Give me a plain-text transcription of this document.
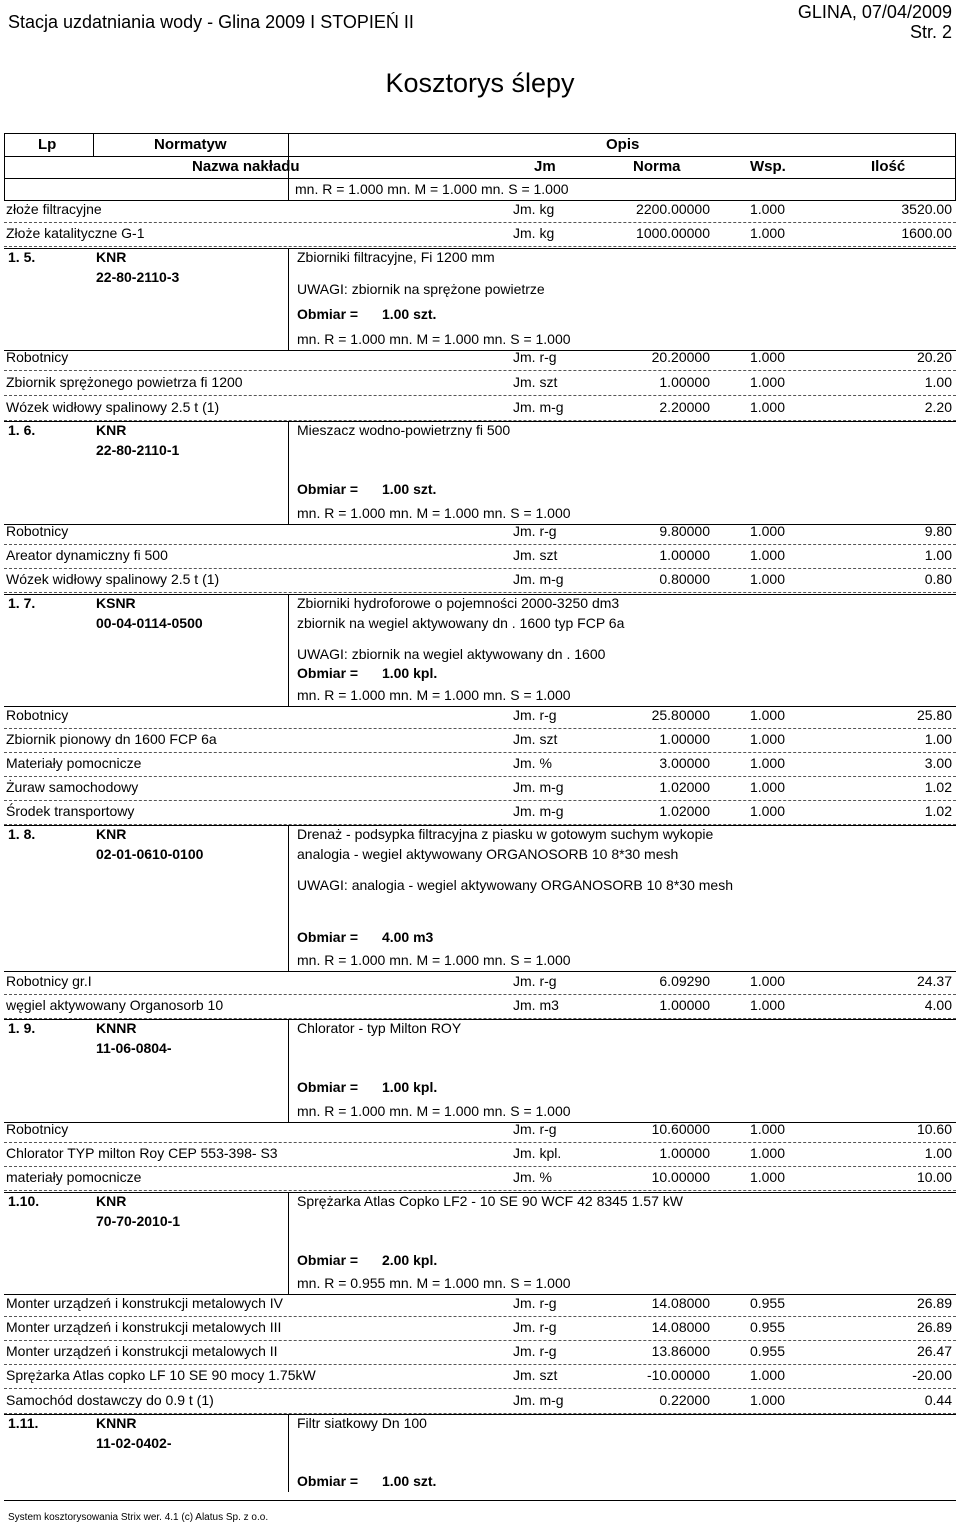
Stacja uzdatniania wody - Glina 2009 I STOPIEŃ II	GLINA, 07/04/2009
Str. 2
Kosztorys ślepy
Lp	Normatyw	Opis
Nazwa nakładu	Jm	Norma	Wsp.	Ilość
mn. R = 1.000 mn. M = 1.000 mn. S = 1.000
złoże filtracyjne	Jm. kg	2200.00000	1.000	3520.00
Złoże katalityczne G-1	Jm. kg	1000.00000	1.000	1600.00
1. 5.	KNR
22-80-2110-3
Zbiorniki filtracyjne, Fi 1200 mm
UWAGI: zbiornik na sprężone powietrze
Obmiar = 1.00 szt.
mn. R = 1.000 mn. M = 1.000 mn. S = 1.000
Robotnicy	Jm. r-g	20.20000	1.000	20.20
Zbiornik sprężonego powietrza fi 1200	Jm. szt	1.00000	1.000	1.00
Wózek widłowy spalinowy 2.5 t (1)	Jm. m-g	2.20000	1.000	2.20
1. 6.	KNR
22-80-2110-1
Mieszacz wodno-powietrzny fi 500
Obmiar = 1.00 szt.
mn. R = 1.000 mn. M = 1.000 mn. S = 1.000
Robotnicy	Jm. r-g	9.80000	1.000	9.80
Areator dynamiczny fi 500	Jm. szt	1.00000	1.000	1.00
Wózek widłowy spalinowy 2.5 t (1)	Jm. m-g	0.80000	1.000	0.80
1. 7.	KSNR
00-04-0114-0500
Zbiorniki hydroforowe o pojemności 2000-3250 dm3
zbiornik na wegiel aktywowany dn . 1600 typ FCP 6a
UWAGI: zbiornik na wegiel aktywowany dn . 1600
Obmiar = 1.00 kpl.
mn. R = 1.000 mn. M = 1.000 mn. S = 1.000
Robotnicy	Jm. r-g	25.80000	1.000	25.80
Zbiornik pionowy dn 1600 FCP 6a	Jm. szt	1.00000	1.000	1.00
Materiały pomocnicze	Jm. %	3.00000	1.000	3.00
Żuraw samochodowy	Jm. m-g	1.02000	1.000	1.02
Środek transportowy	Jm. m-g	1.02000	1.000	1.02
1. 8.	KNR
02-01-0610-0100
Drenaż - podsypka filtracyjna z piasku w gotowym suchym wykopie
analogia - wegiel aktywowany ORGANOSORB 10 8*30 mesh
UWAGI: analogia - wegiel aktywowany ORGANOSORB 10 8*30 mesh
Obmiar = 4.00 m3
mn. R = 1.000 mn. M = 1.000 mn. S = 1.000
Robotnicy gr.I	Jm. r-g	6.09290	1.000	24.37
węgiel aktywowany Organosorb 10	Jm. m3	1.00000	1.000	4.00
1. 9.	KNNR
11-06-0804-
Chlorator - typ Milton ROY
Obmiar = 1.00 kpl.
mn. R = 1.000 mn. M = 1.000 mn. S = 1.000
Robotnicy	Jm. r-g	10.60000	1.000	10.60
Chlorator TYP milton Roy CEP 553-398- S3	Jm. kpl.	1.00000	1.000	1.00
materiały pomocnicze	Jm. %	10.00000	1.000	10.00
1.10.	KNR
70-70-2010-1
Sprężarka Atlas Copko LF2 - 10 SE 90 WCF 42 8345 1.57 kW
Obmiar = 2.00 kpl.
mn. R = 0.955 mn. M = 1.000 mn. S = 1.000
Monter urządzeń i konstrukcji metalowych IV	Jm. r-g	14.08000	0.955	26.89
Monter urządzeń i konstrukcji metalowych III	Jm. r-g	14.08000	0.955	26.89
Monter urządzeń i konstrukcji metalowych II	Jm. r-g	13.86000	0.955	26.47
Sprężarka Atlas copko LF 10 SE 90 mocy 1.75kW	Jm. szt	-10.00000	1.000	-20.00
Samochód dostawczy do 0.9 t (1)	Jm. m-g	0.22000	1.000	0.44
1.11.	KNNR
11-02-0402-
Filtr siatkowy Dn 100
Obmiar = 1.00 szt.
System kosztorysowania Strix wer. 4.1 (c) Alatus Sp. z o.o.
